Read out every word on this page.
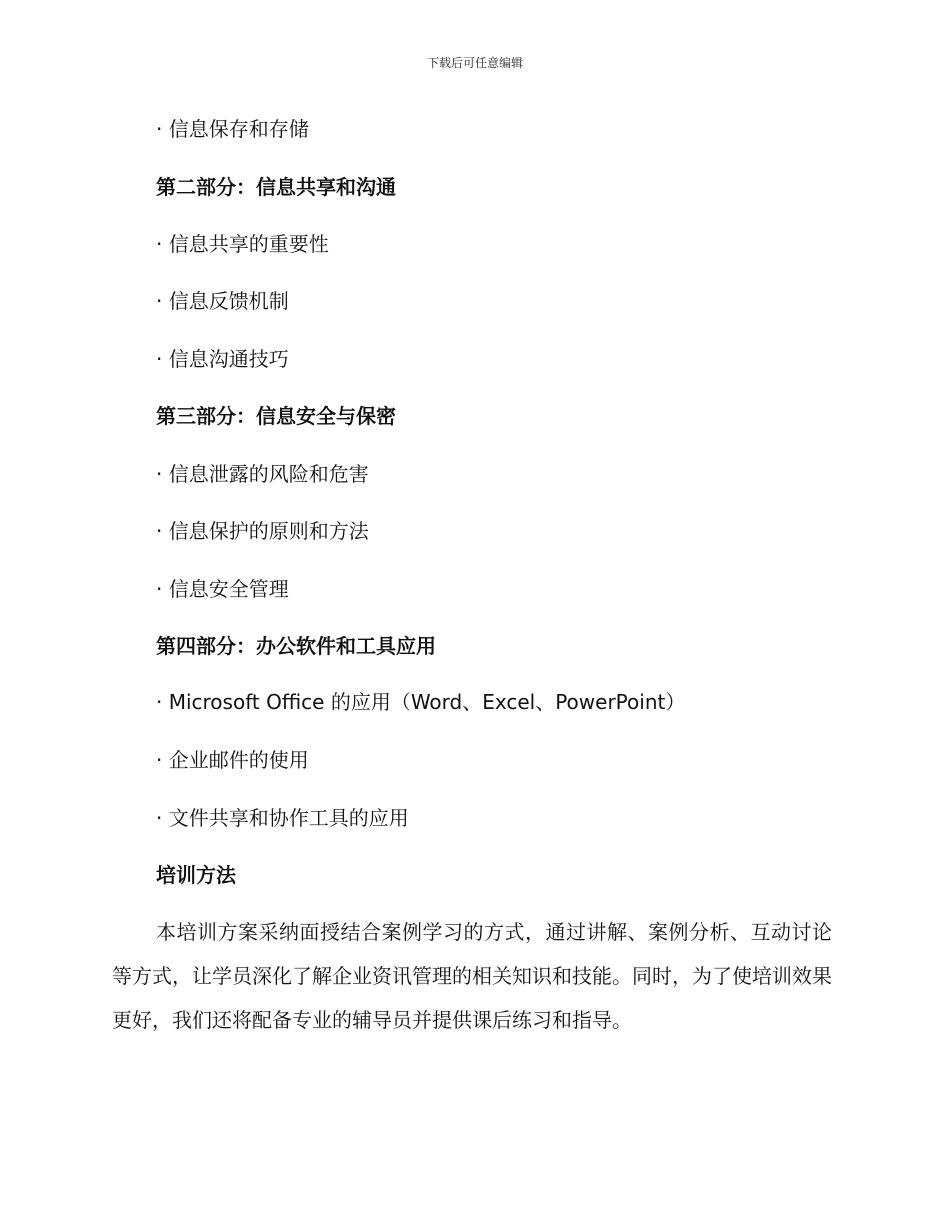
下载后可任意编辑
· 信息保存和存储
第二部分：信息共享和沟通
· 信息共享的重要性
· 信息反馈机制
· 信息沟通技巧
第三部分：信息安全与保密
· 信息泄露的风险和危害
· 信息保护的原则和方法
· 信息安全管理
第四部分：办公软件和工具应用
· Microsoft Office 的应用（Word、Excel、PowerPoint）
· 企业邮件的使用
· 文件共享和协作工具的应用
培训方法
本培训方案采纳面授结合案例学习的方式，通过讲解、案例分析、互动讨论等方式，让学员深化了解企业资讯管理的相关知识和技能。同时，为了使培训效果更好，我们还将配备专业的辅导员并提供课后练习和指导。
